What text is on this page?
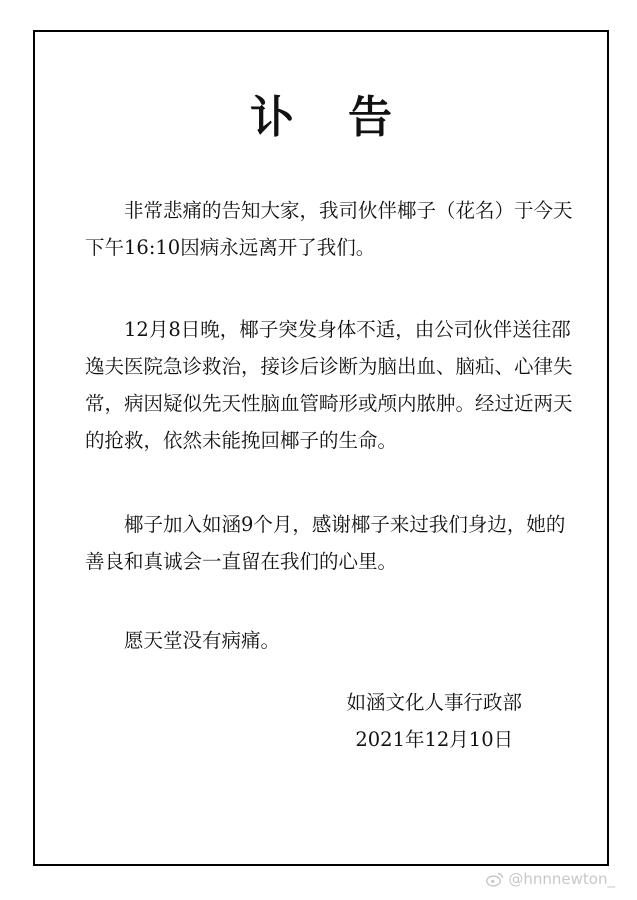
讣告
非常悲痛的告知大家，我司伙伴椰子（花名）于今天下午16:10因病永远离开了我们。
12月8日晚，椰子突发身体不适，由公司伙伴送往邵逸夫医院急诊救治，接诊后诊断为脑出血、脑疝、心律失常，病因疑似先天性脑血管畸形或颅内脓肿。经过近两天的抢救，依然未能挽回椰子的生命。
椰子加入如涵9个月，感谢椰子来过我们身边，她的善良和真诚会一直留在我们的心里。
愿天堂没有病痛。
如涵文化人事行政部
2021年12月10日
@hnnnewton_
